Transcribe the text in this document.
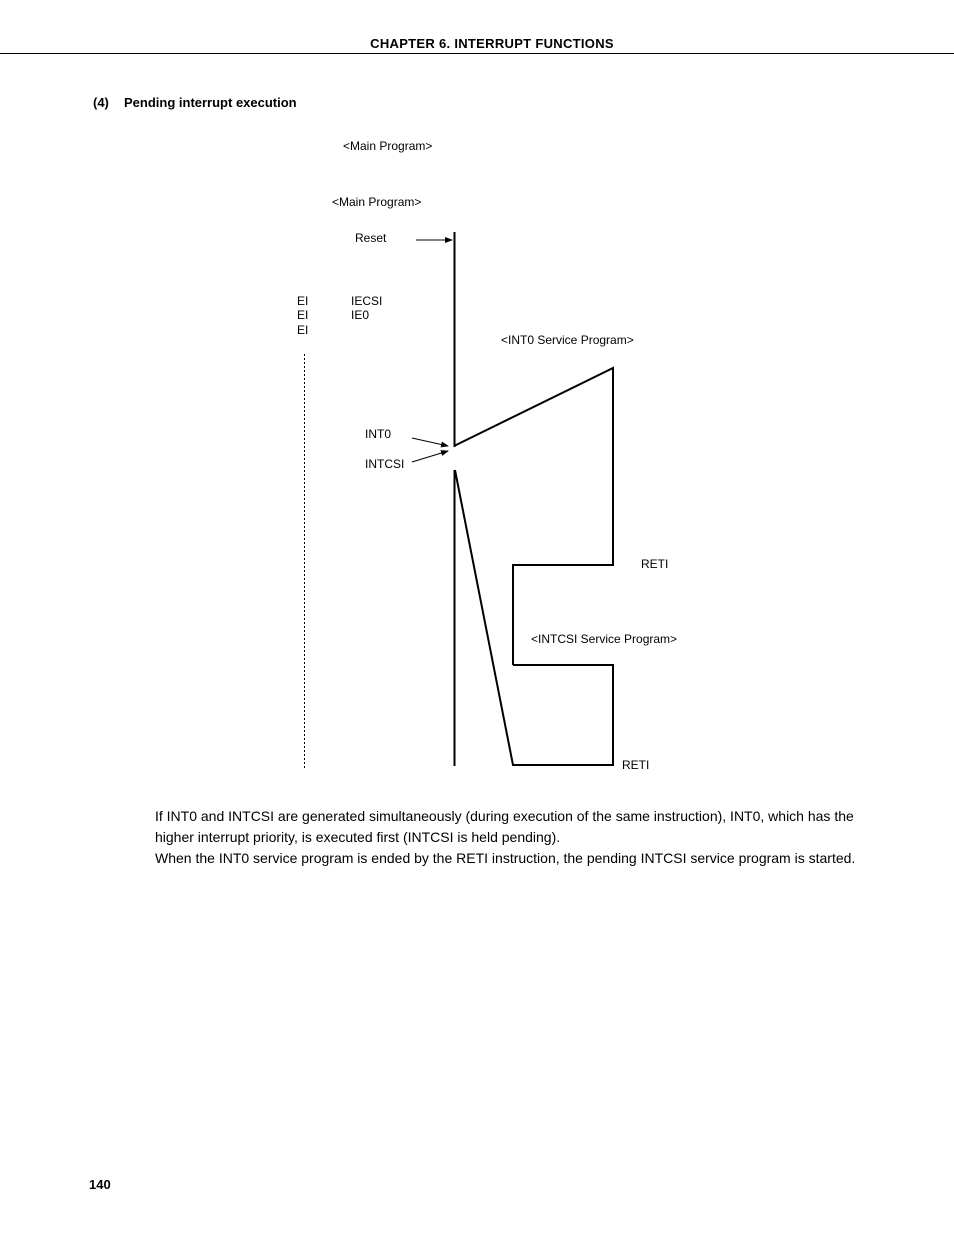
CHAPTER 6. INTERRUPT FUNCTIONS
(4) Pending interrupt execution
<Main Program>
<Main Program>
Reset
EI
EI
EI
IECSI
IE0
<INT0 Service Program>
INT0
INTCSI
RETI
<INTCSI Service Program>
RETI

If INT0 and INTCSI are generated simultaneously (during execution of the same instruction), INT0, which has the higher interrupt priority, is executed first (INTCSI is held pending).

When the INT0 service program is ended by the RETI instruction, the pending INTCSI service program is started.

140
